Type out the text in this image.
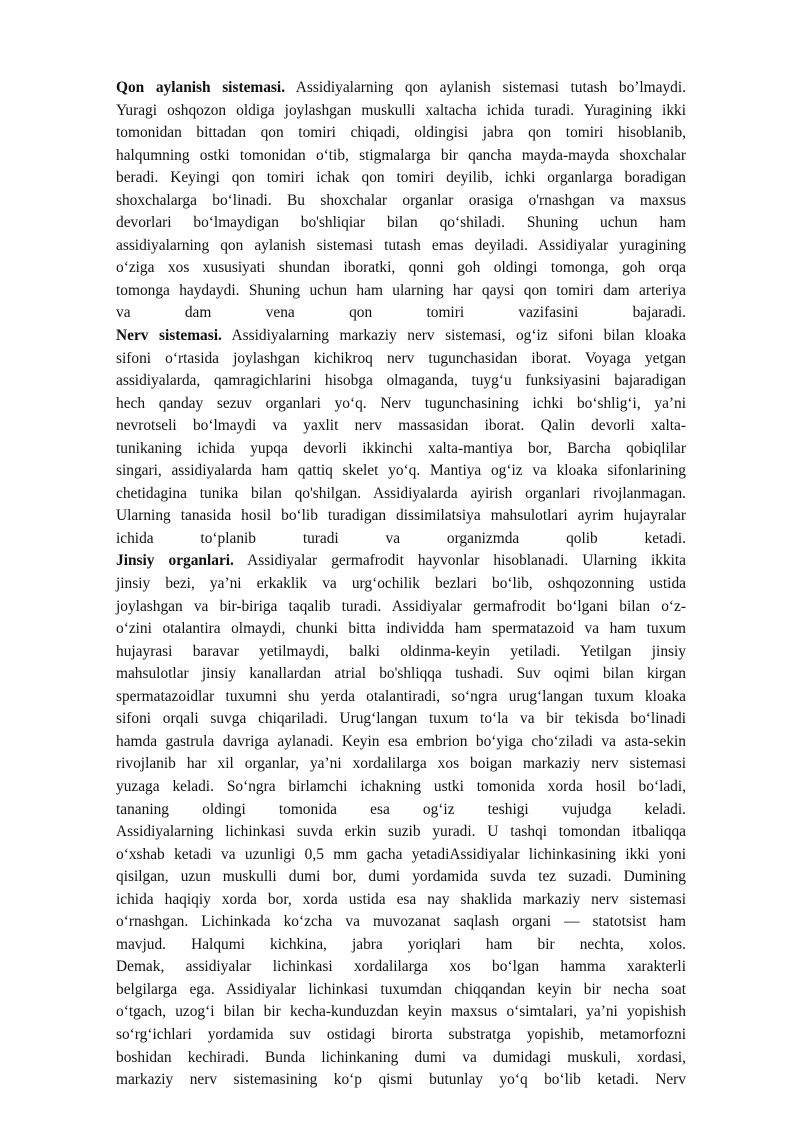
Qon aylanish sistemasi. Assidiyalarning qon aylanish sistemasi tutash bo’lmaydi.
Yuragi oshqozon oldiga joylashgan muskulli xaltacha ichida turadi. Yuragining ikki
tomonidan bittadan qon tomiri chiqadi, oldingisi jabra qon tomiri hisoblanib,
halqumning ostki tomonidan o‘tib, stigmalarga bir qancha mayda-mayda shoxchalar
beradi. Keyingi qon tomiri ichak qon tomiri deyilib, ichki organlarga boradigan
shoxchalarga bo‘linadi. Bu shoxchalar organlar orasiga o'rnashgan va maxsus
devorlari bo‘lmaydigan bo'shliqiar bilan qo‘shiladi. Shuning uchun ham
assidiyalarning qon aylanish sistemasi tutash emas deyiladi. Assidiyalar yuragining
o‘ziga xos xususiyati shundan iboratki, qonni goh oldingi tomonga, goh orqa
tomonga haydaydi. Shuning uchun ham ularning har qaysi qon tomiri dam arteriya
va dam vena qon tomiri vazifasini bajaradi.
Nerv sistemasi. Assidiyalarning markaziy nerv sistemasi, og‘iz sifoni bilan kloaka
sifoni o‘rtasida joylashgan kichikroq nerv tugunchasidan iborat. Voyaga yetgan
assidiyalarda, qamragichlarini hisobga olmaganda, tuyg‘u funksiyasini bajaradigan
hech qanday sezuv organlari yo‘q. Nerv tugunchasining ichki bo‘shlig‘i, ya’ni
nevrotseli bo‘lmaydi va yaxlit nerv massasidan iborat. Qalin devorli xalta-
tunikaning ichida yupqa devorli ikkinchi xalta-mantiya bor, Barcha qobiqlilar
singari, assidiyalarda ham qattiq skelet yo‘q. Mantiya og‘iz va kloaka sifonlarining
chetidagina tunika bilan qo'shilgan. Assidiyalarda ayirish organlari rivojlanmagan.
Ularning tanasida hosil bo‘lib turadigan dissimilatsiya mahsulotlari ayrim hujayralar
ichida to‘planib turadi va organizmda qolib ketadi.
Jinsiy organlari. Assidiyalar germafrodit hayvonlar hisoblanadi. Ularning ikkita
jinsiy bezi, ya’ni erkaklik va urg‘ochilik bezlari bo‘lib, oshqozonning ustida
joylashgan va bir-biriga taqalib turadi. Assidiyalar germafrodit bo‘lgani bilan o‘z-
o‘zini otalantira olmaydi, chunki bitta individda ham spermatazoid va ham tuxum
hujayrasi baravar yetilmaydi, balki oldinma-keyin yetiladi. Yetilgan jinsiy
mahsulotlar jinsiy kanallardan atrial bo'shliqqa tushadi. Suv oqimi bilan kirgan
spermatazoidlar tuxumni shu yerda otalantiradi, so‘ngra urug‘langan tuxum kloaka
sifoni orqali suvga chiqariladi. Urug‘langan tuxum to‘la va bir tekisda bo‘linadi
hamda gastrula davriga aylanadi. Keyin esa embrion bo‘yiga cho‘ziladi va asta-sekin
rivojlanib har xil organlar, ya’ni xordalilarga xos boigan markaziy nerv sistemasi
yuzaga keladi. So‘ngra birlamchi ichakning ustki tomonida xorda hosil bo‘ladi,
tananing oldingi tomonida esa og‘iz teshigi vujudga keladi.
Assidiyalarning lichinkasi suvda erkin suzib yuradi. U tashqi tomondan itbaliqqa
o‘xshab ketadi va uzunligi 0,5 mm gacha yetadiAssidiyalar lichinkasining ikki yoni
qisilgan, uzun muskulli dumi bor, dumi yordamida suvda tez suzadi. Dumining
ichida haqiqiy xorda bor, xorda ustida esa nay shaklida markaziy nerv sistemasi
o‘rnashgan. Lichinkada ko‘zcha va muvozanat saqlash organi — statotsist ham
mavjud. Halqumi kichkina, jabra yoriqlari ham bir nechta, xolos.
Demak, assidiyalar lichinkasi xordalilarga xos bo‘lgan hamma xarakterli
belgilarga ega. Assidiyalar lichinkasi tuxumdan chiqqandan keyin bir necha soat
o‘tgach, uzog‘i bilan bir kecha-kunduzdan keyin maxsus o‘simtalari, ya’ni yopishish
so‘rg‘ichlari yordamida suv ostidagi birorta substratga yopishib, metamorfozni
boshidan kechiradi. Bunda lichinkaning dumi va dumidagi muskuli, xordasi,
markaziy nerv sistemasining ko‘p qismi butunlay yo‘q bo‘lib ketadi. Nerv
